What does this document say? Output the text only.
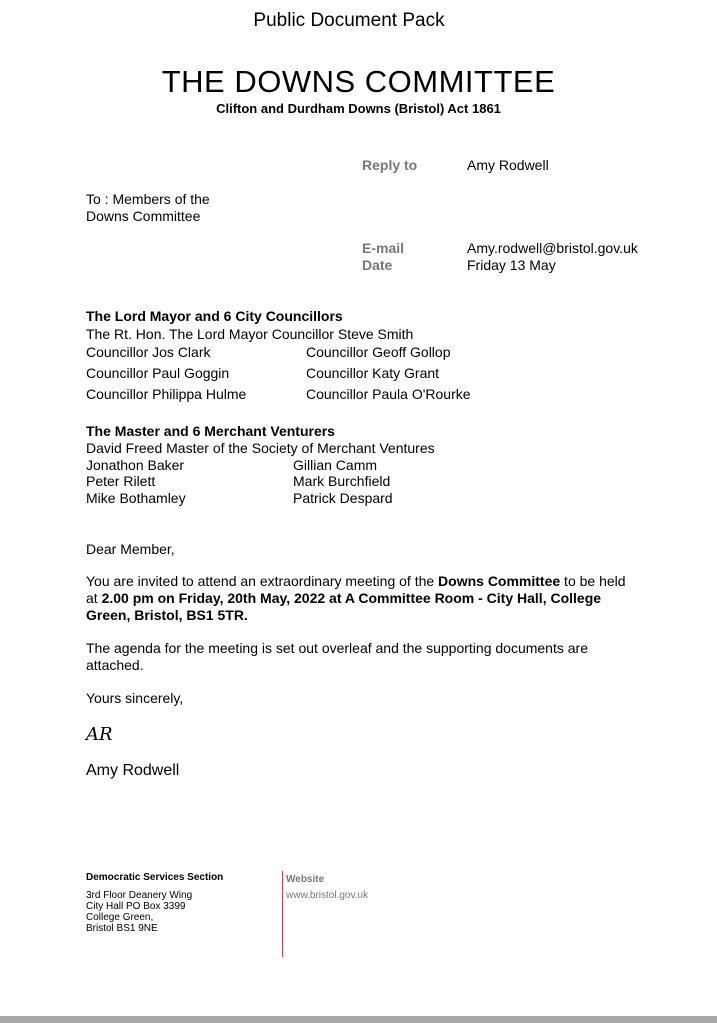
Public Document Pack
THE DOWNS COMMITTEE
Clifton and Durdham Downs (Bristol) Act 1861
Reply to	Amy Rodwell
To : Members of the
Downs Committee
E-mail	Amy.rodwell@bristol.gov.uk
Date	Friday 13 May
The Lord Mayor and 6 City Councillors
The Rt. Hon. The Lord Mayor Councillor Steve Smith
Councillor Jos Clark	Councillor Geoff Gollop
Councillor Paul Goggin	Councillor Katy Grant
Councillor Philippa Hulme	Councillor Paula O'Rourke
The Master and 6 Merchant Venturers
David Freed Master of the Society of Merchant Ventures
Jonathon Baker	Gillian Camm
Peter Rilett	Mark Burchfield
Mike Bothamley	Patrick Despard
Dear Member,
You are invited to attend an extraordinary meeting of the Downs Committee to be held at 2.00 pm on Friday, 20th May, 2022 at A Committee Room - City Hall, College Green, Bristol, BS1 5TR.
The agenda for the meeting is set out overleaf and the supporting documents are attached.
Yours sincerely,
AR
Amy Rodwell
Democratic Services Section
3rd Floor Deanery Wing
City Hall PO Box 3399
College Green,
Bristol BS1 9NE
Website
www.bristol.gov.uk
